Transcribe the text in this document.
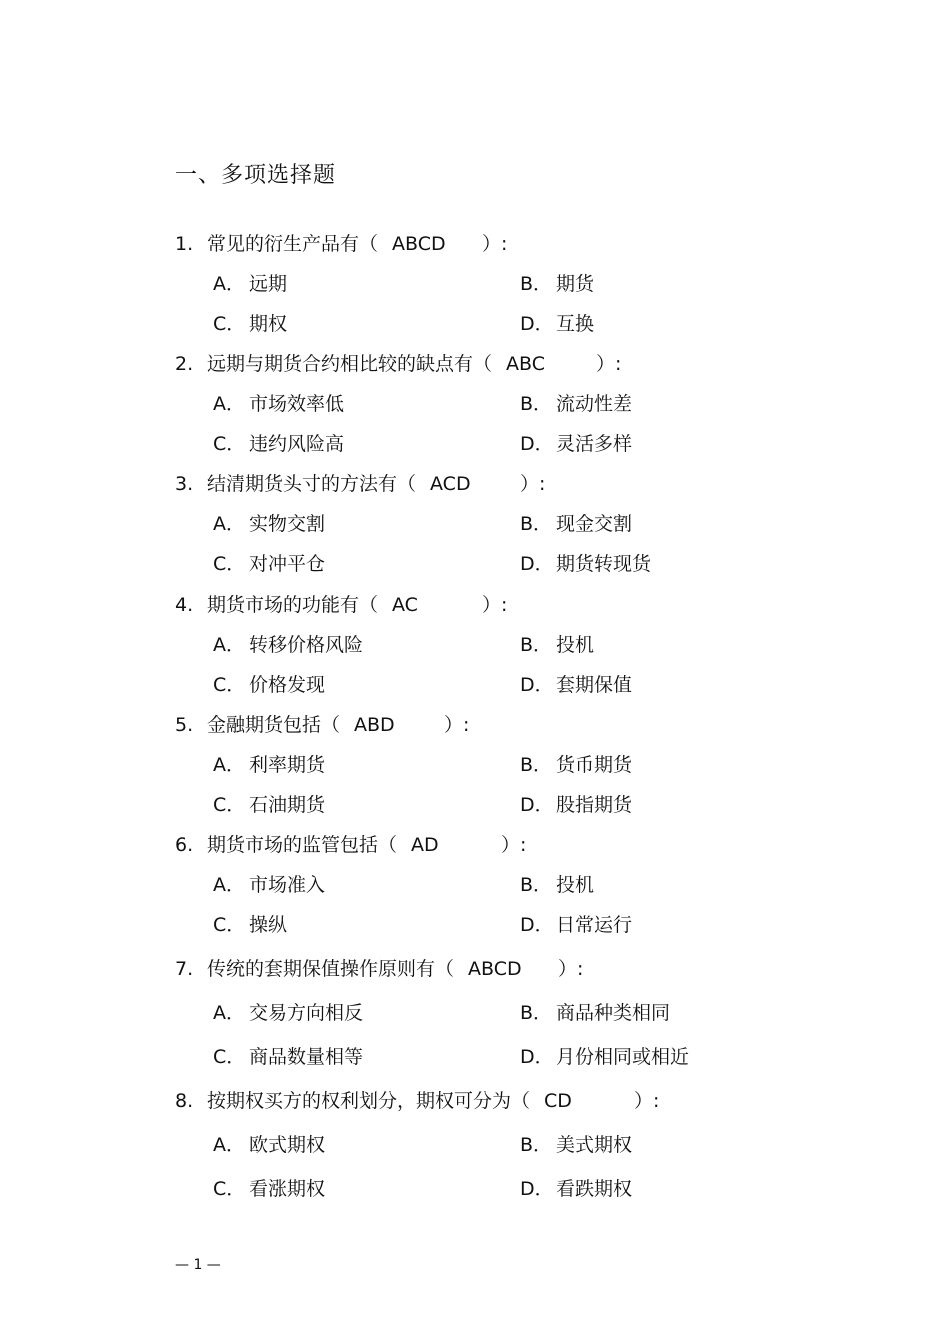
一、多项选择题
1. 常见的衍生产品有（ ABCD ）:
A． 远期	B． 期货
C． 期权	D． 互换
2. 远期与期货合约相比较的缺点有（ ABC	）:
A． 市场效率低	B． 流动性差
C． 违约风险高	D． 灵活多样
3. 结清期货头寸的方法有（ ACD	）:
A． 实物交割	B． 现金交割
C． 对冲平仓	D． 期货转现货
4. 期货市场的功能有（ AC	）:
A． 转移价格风险	B． 投机
C． 价格发现	D． 套期保值
5. 金融期货包括（ ABD	）:
A． 利率期货	B． 货币期货
C． 石油期货	D． 股指期货
6. 期货市场的监管包括（ AD	）:
A． 市场准入	B． 投机
C． 操纵	D． 日常运行
7. 传统的套期保值操作原则有（ ABCD ）:
A． 交易方向相反	B． 商品种类相同
C． 商品数量相等	D． 月份相同或相近
8. 按期权买方的权利划分，期权可分为（ CD	）:
A． 欧式期权	B． 美式期权
C． 看涨期权	D． 看跌期权
— 1 —
